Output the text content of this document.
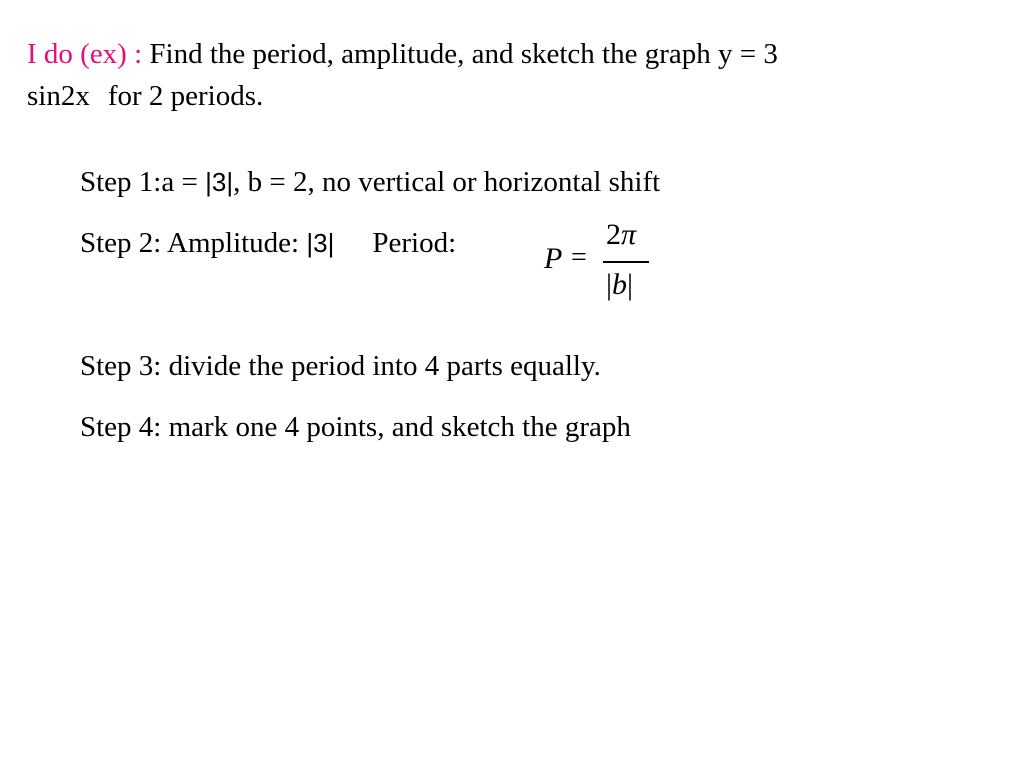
I do (ex) : Find the period, amplitude, and sketch the graph y = 3
sin2x for 2 periods.
Step 1:a = |3|, b = 2, no vertical or horizontal shift
Step 2: Amplitude: |3| Period:	P =
2π
|b|
Step 3: divide the period into 4 parts equally.
Step 4: mark one 4 points, and sketch the graph
